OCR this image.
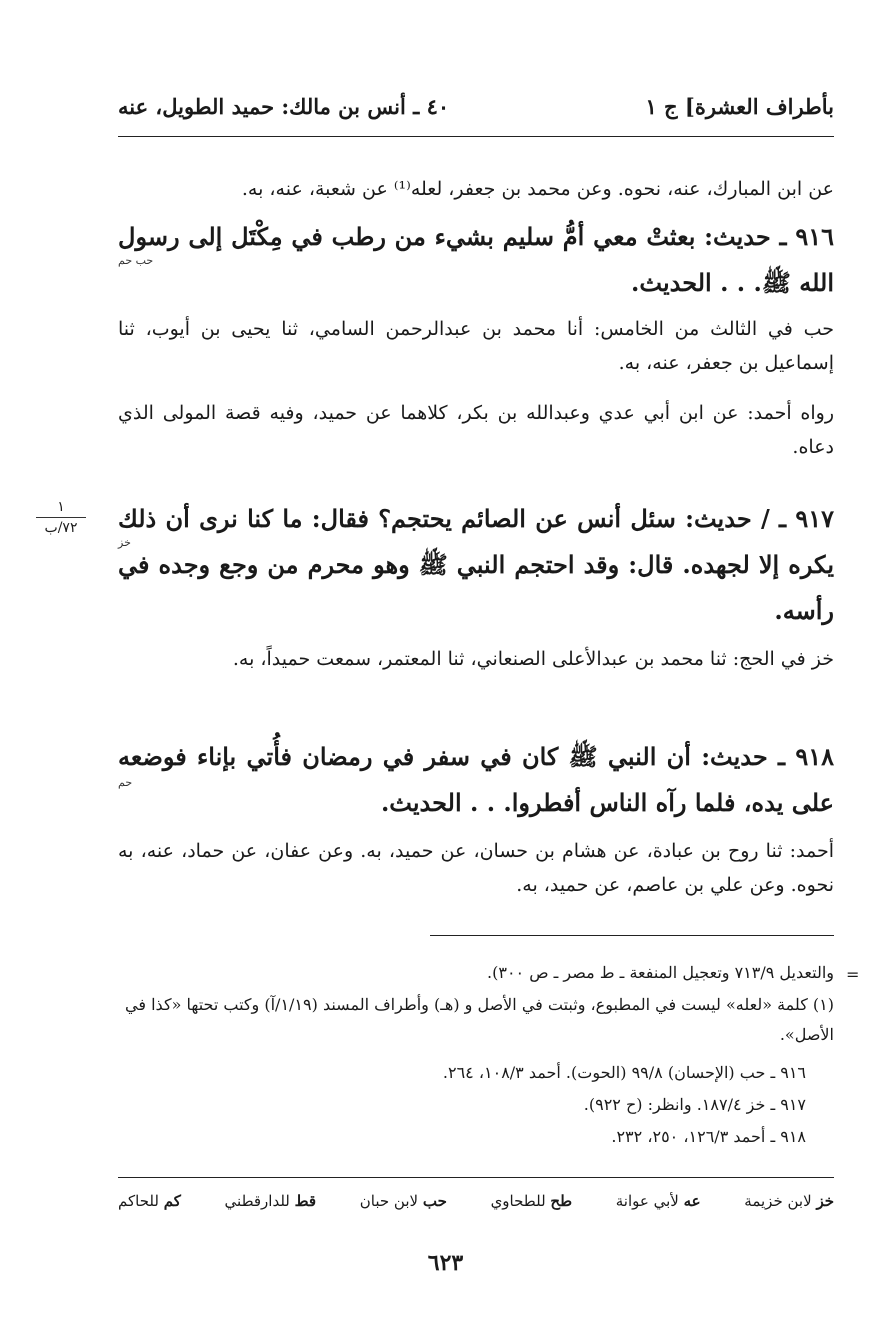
بأطراف العشرة] ج ١
٤٠ ـ أنس بن مالك: حميد الطويل، عنه
عن ابن المبارك، عنه، نحوه. وعن محمد بن جعفر، لعله⁽¹⁾ عن شعبة، عنه، به.
حب حم
٩١٦ ـ حديث: بعثتْ معي أمُّ سليم بشيء من رطب في مِكْتَل إلى رسول الله ﷺ. . . الحديث.
حب في الثالث من الخامس: أنا محمد بن عبدالرحمن السامي، ثنا يحيى بن أيوب، ثنا إسماعيل بن جعفر، عنه، به.
رواه أحمد: عن ابن أبي عدي وعبدالله بن بكر، كلاهما عن حميد، وفيه قصة المولى الذي دعاه.
١
٧٢/ب
خز
٩١٧ ـ / حديث: سئل أنس عن الصائم يحتجم؟ فقال: ما كنا نرى أن ذلك يكره إلا لجهده. قال: وقد احتجم النبي ﷺ وهو محرم من وجع وجده في رأسه.
خز في الحج: ثنا محمد بن عبدالأعلى الصنعاني، ثنا المعتمر، سمعت حميداً، به.
حم
٩١٨ ـ حديث: أن النبي ﷺ كان في سفر في رمضان فأُتي بإناء فوضعه على يده، فلما رآه الناس أفطروا. . . الحديث.
أحمد: ثنا روح بن عبادة، عن هشام بن حسان، عن حميد، به. وعن عفان، عن حماد، عنه، به نحوه. وعن علي بن عاصم، عن حميد، به.
=
والتعديل ٧١٣/٩ وتعجيل المنفعة ـ ط مصر ـ ص ٣٠٠).
(١) كلمة «لعله» ليست في المطبوع، وثبتت في الأصل و (هـ) وأطراف المسند (١/١٩/آ) وكتب تحتها «كذا في الأصل».
٩١٦ ـ حب (الإحسان) ٩٩/٨ (الحوت). أحمد ١٠٨/٣، ٢٦٤.
٩١٧ ـ خز ١٨٧/٤. وانظر: (ح ٩٢٢).
٩١٨ ـ أحمد ١٢٦/٣، ٢٥٠، ٢٣٢.
خز لابن خزيمة
عه لأبي عوانة
طح للطحاوي
حب لابن حبان
قط للدارقطني
كم للحاكم
٦٢٣
